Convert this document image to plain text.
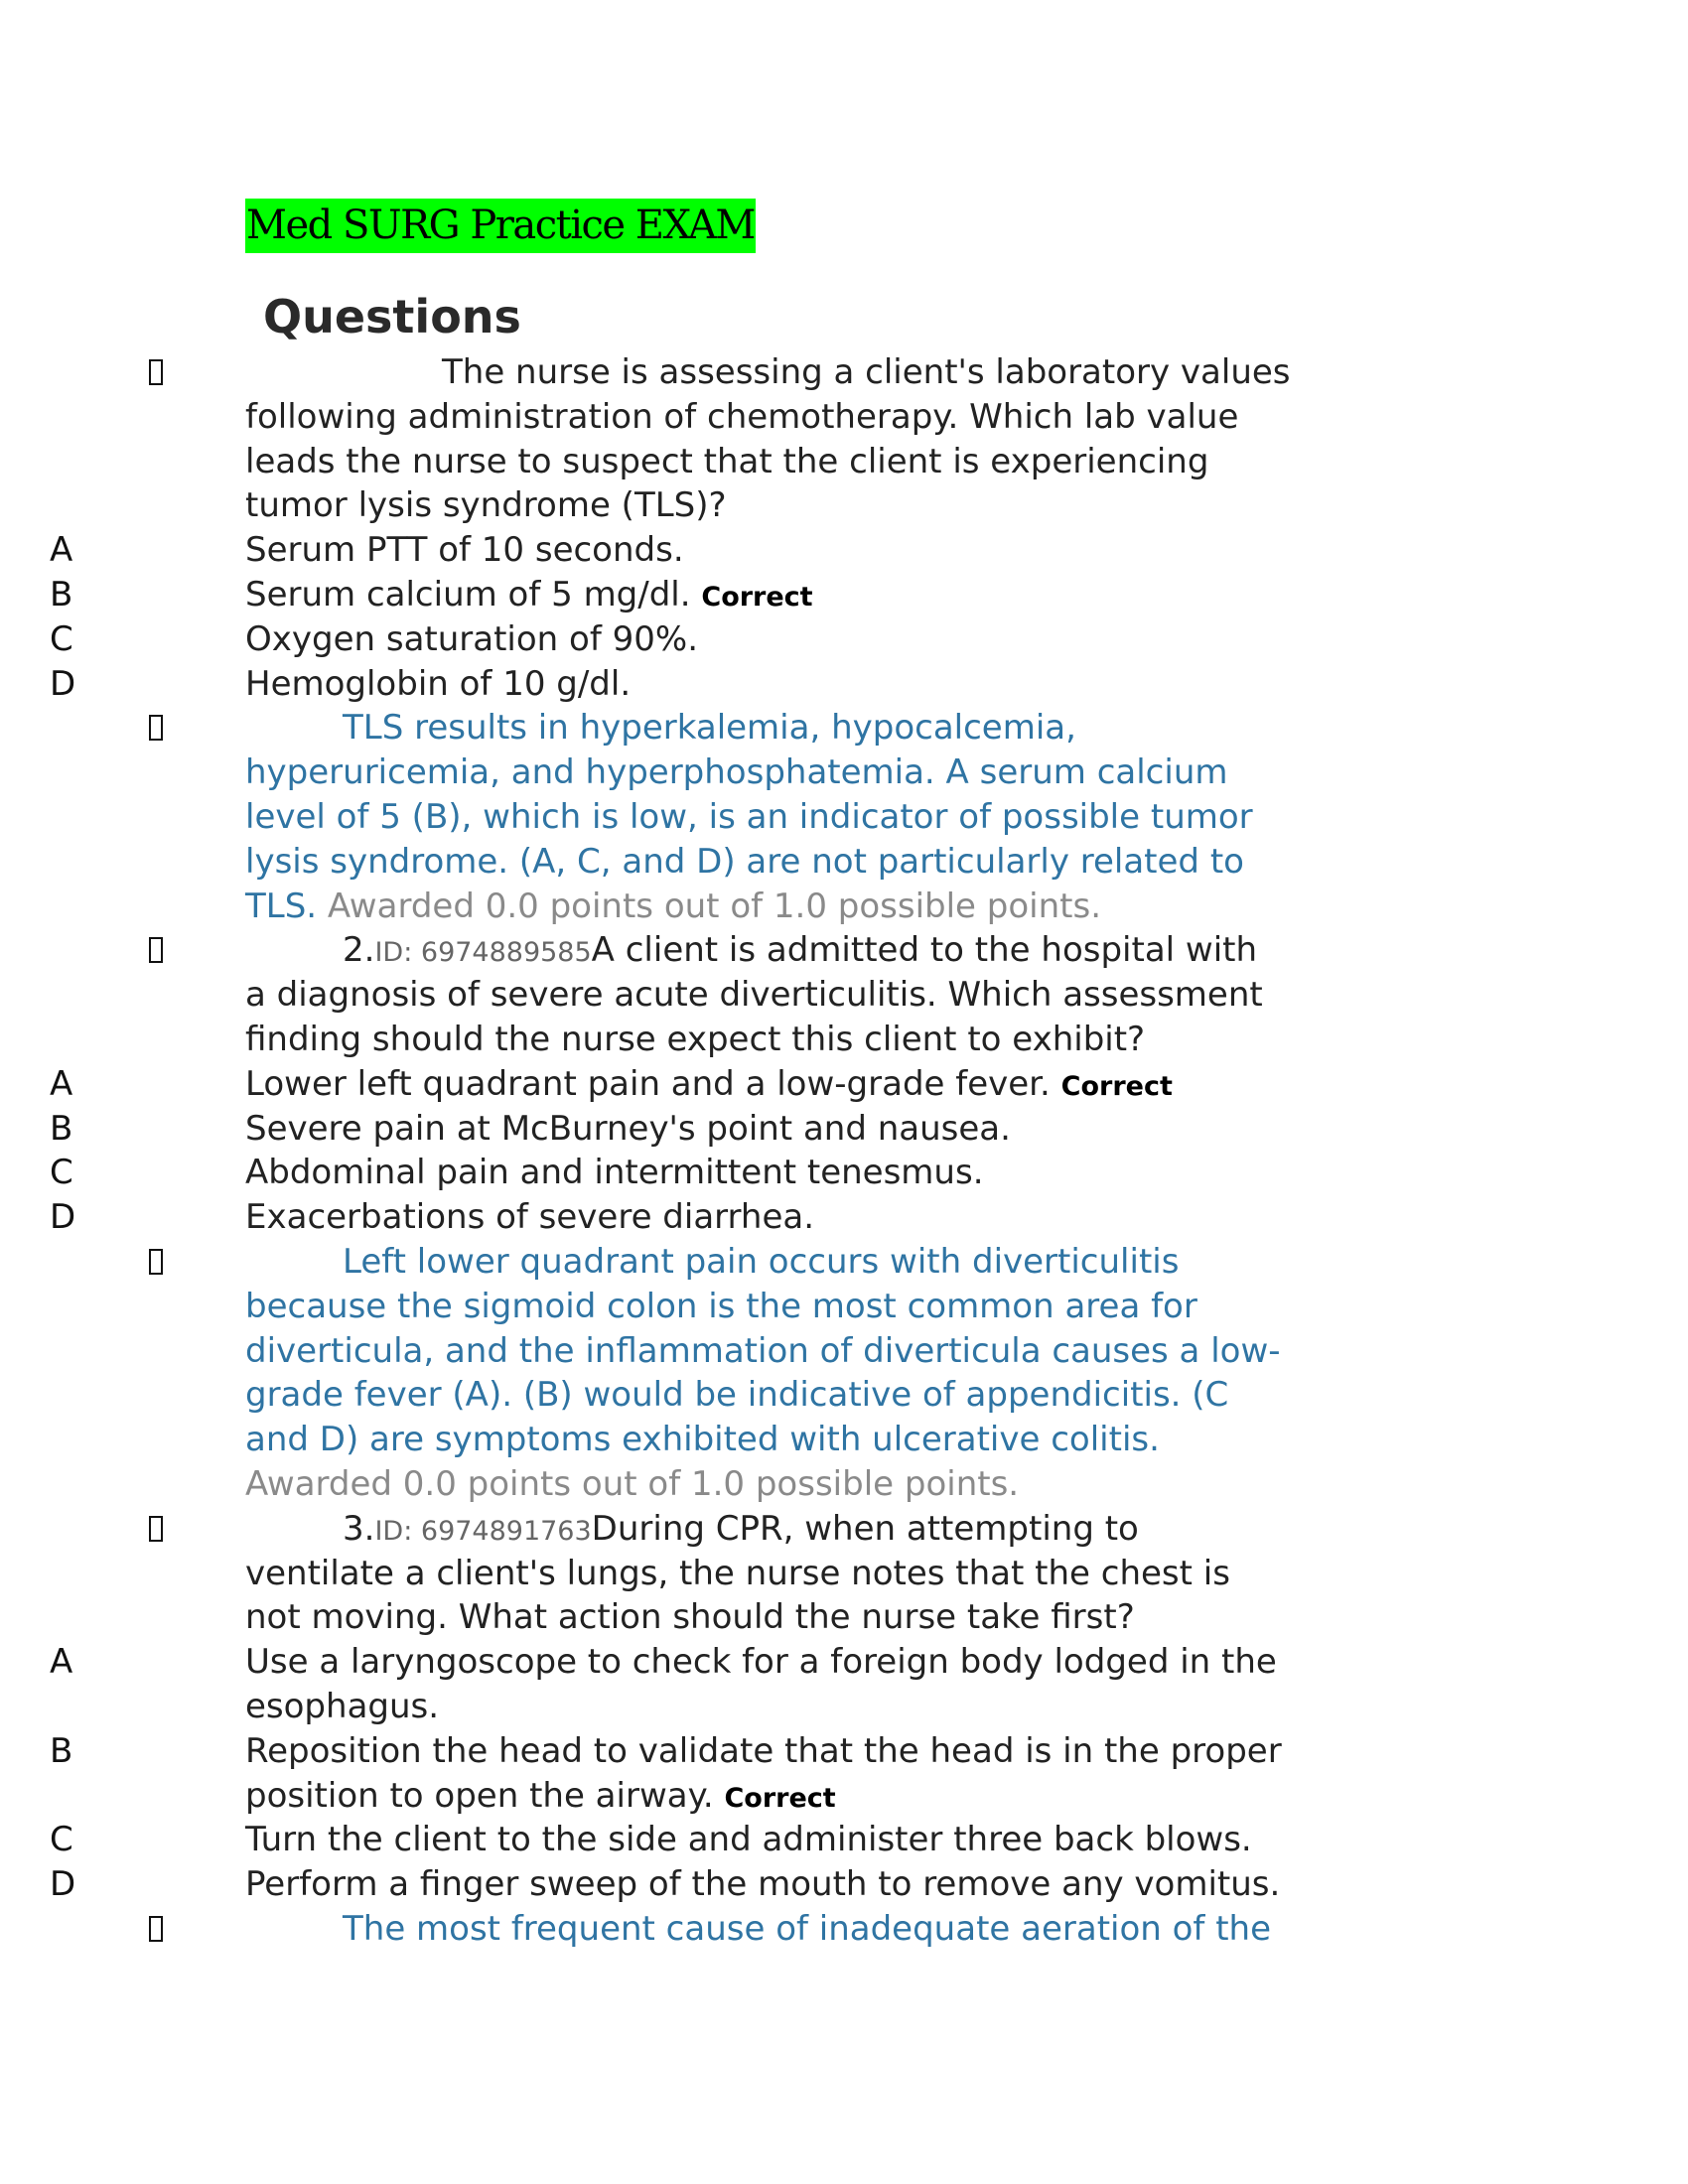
Med SURG Practice EXAM
Questions
The nurse is assessing a client's laboratory values
following administration of chemotherapy. Which lab value
leads the nurse to suspect that the client is experiencing
tumor lysis syndrome (TLS)?
A	Serum PTT of 10 seconds.
B	Serum calcium of 5 mg/dl. Correct
C	Oxygen saturation of 90%.
D	Hemoglobin of 10 g/dl.
TLS results in hyperkalemia, hypocalcemia,
hyperuricemia, and hyperphosphatemia. A serum calcium
level of 5 (B), which is low, is an indicator of possible tumor
lysis syndrome. (A, C, and D) are not particularly related to
TLS. Awarded 0.0 points out of 1.0 possible points.
2.ID: 6974889585A client is admitted to the hospital with
a diagnosis of severe acute diverticulitis. Which assessment
finding should the nurse expect this client to exhibit?
A	Lower left quadrant pain and a low-grade fever. Correct
B	Severe pain at McBurney's point and nausea.
C	Abdominal pain and intermittent tenesmus.
D	Exacerbations of severe diarrhea.
Left lower quadrant pain occurs with diverticulitis
because the sigmoid colon is the most common area for
diverticula, and the inflammation of diverticula causes a low-
grade fever (A). (B) would be indicative of appendicitis. (C
and D) are symptoms exhibited with ulcerative colitis.
Awarded 0.0 points out of 1.0 possible points.
3.ID: 6974891763During CPR, when attempting to
ventilate a client's lungs, the nurse notes that the chest is
not moving. What action should the nurse take first?
A	Use a laryngoscope to check for a foreign body lodged in the
esophagus.
B	Reposition the head to validate that the head is in the proper
position to open the airway. Correct
C	Turn the client to the side and administer three back blows.
D	Perform a finger sweep of the mouth to remove any vomitus.
The most frequent cause of inadequate aeration of the
